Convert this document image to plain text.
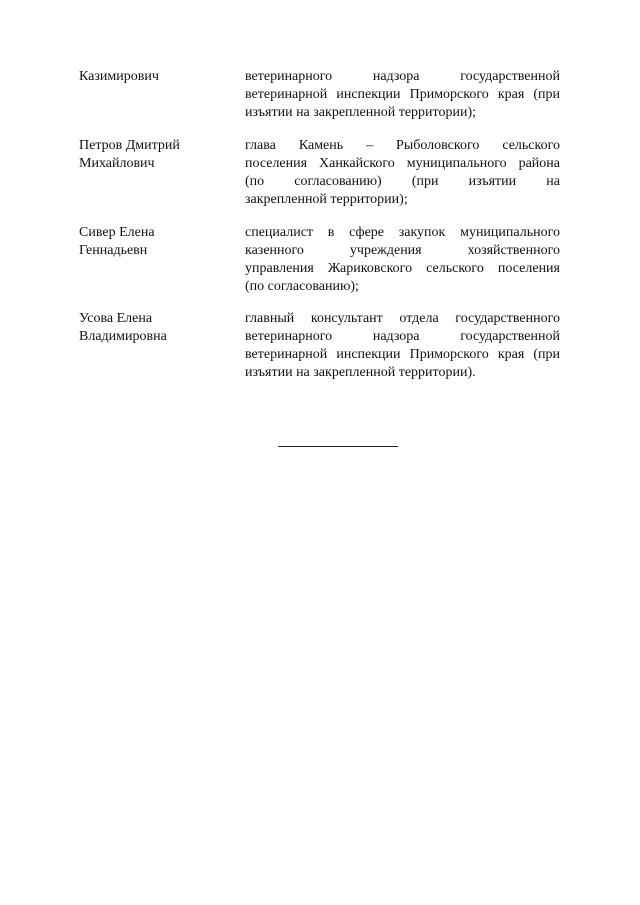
Казимирович	ветеринарного надзора государственной
ветеринарной инспекции Приморского края (при
изъятии на закрепленной территории);
Петров Дмитрий
Михайлович
глава Камень – Рыболовского сельского
поселения Ханкайского муниципального района
(по согласованию) (при изъятии на
закрепленной территории);
Сивер Елена
Геннадьевн
специалист в сфере закупок муниципального
казенного учреждения хозяйственного
управления Жариковского сельского поселения
(по согласованию);
Усова Елена
Владимировна
главный консультант отдела государственного
ветеринарного надзора государственной
ветеринарной инспекции Приморского края (при
изъятии на закрепленной территории).
